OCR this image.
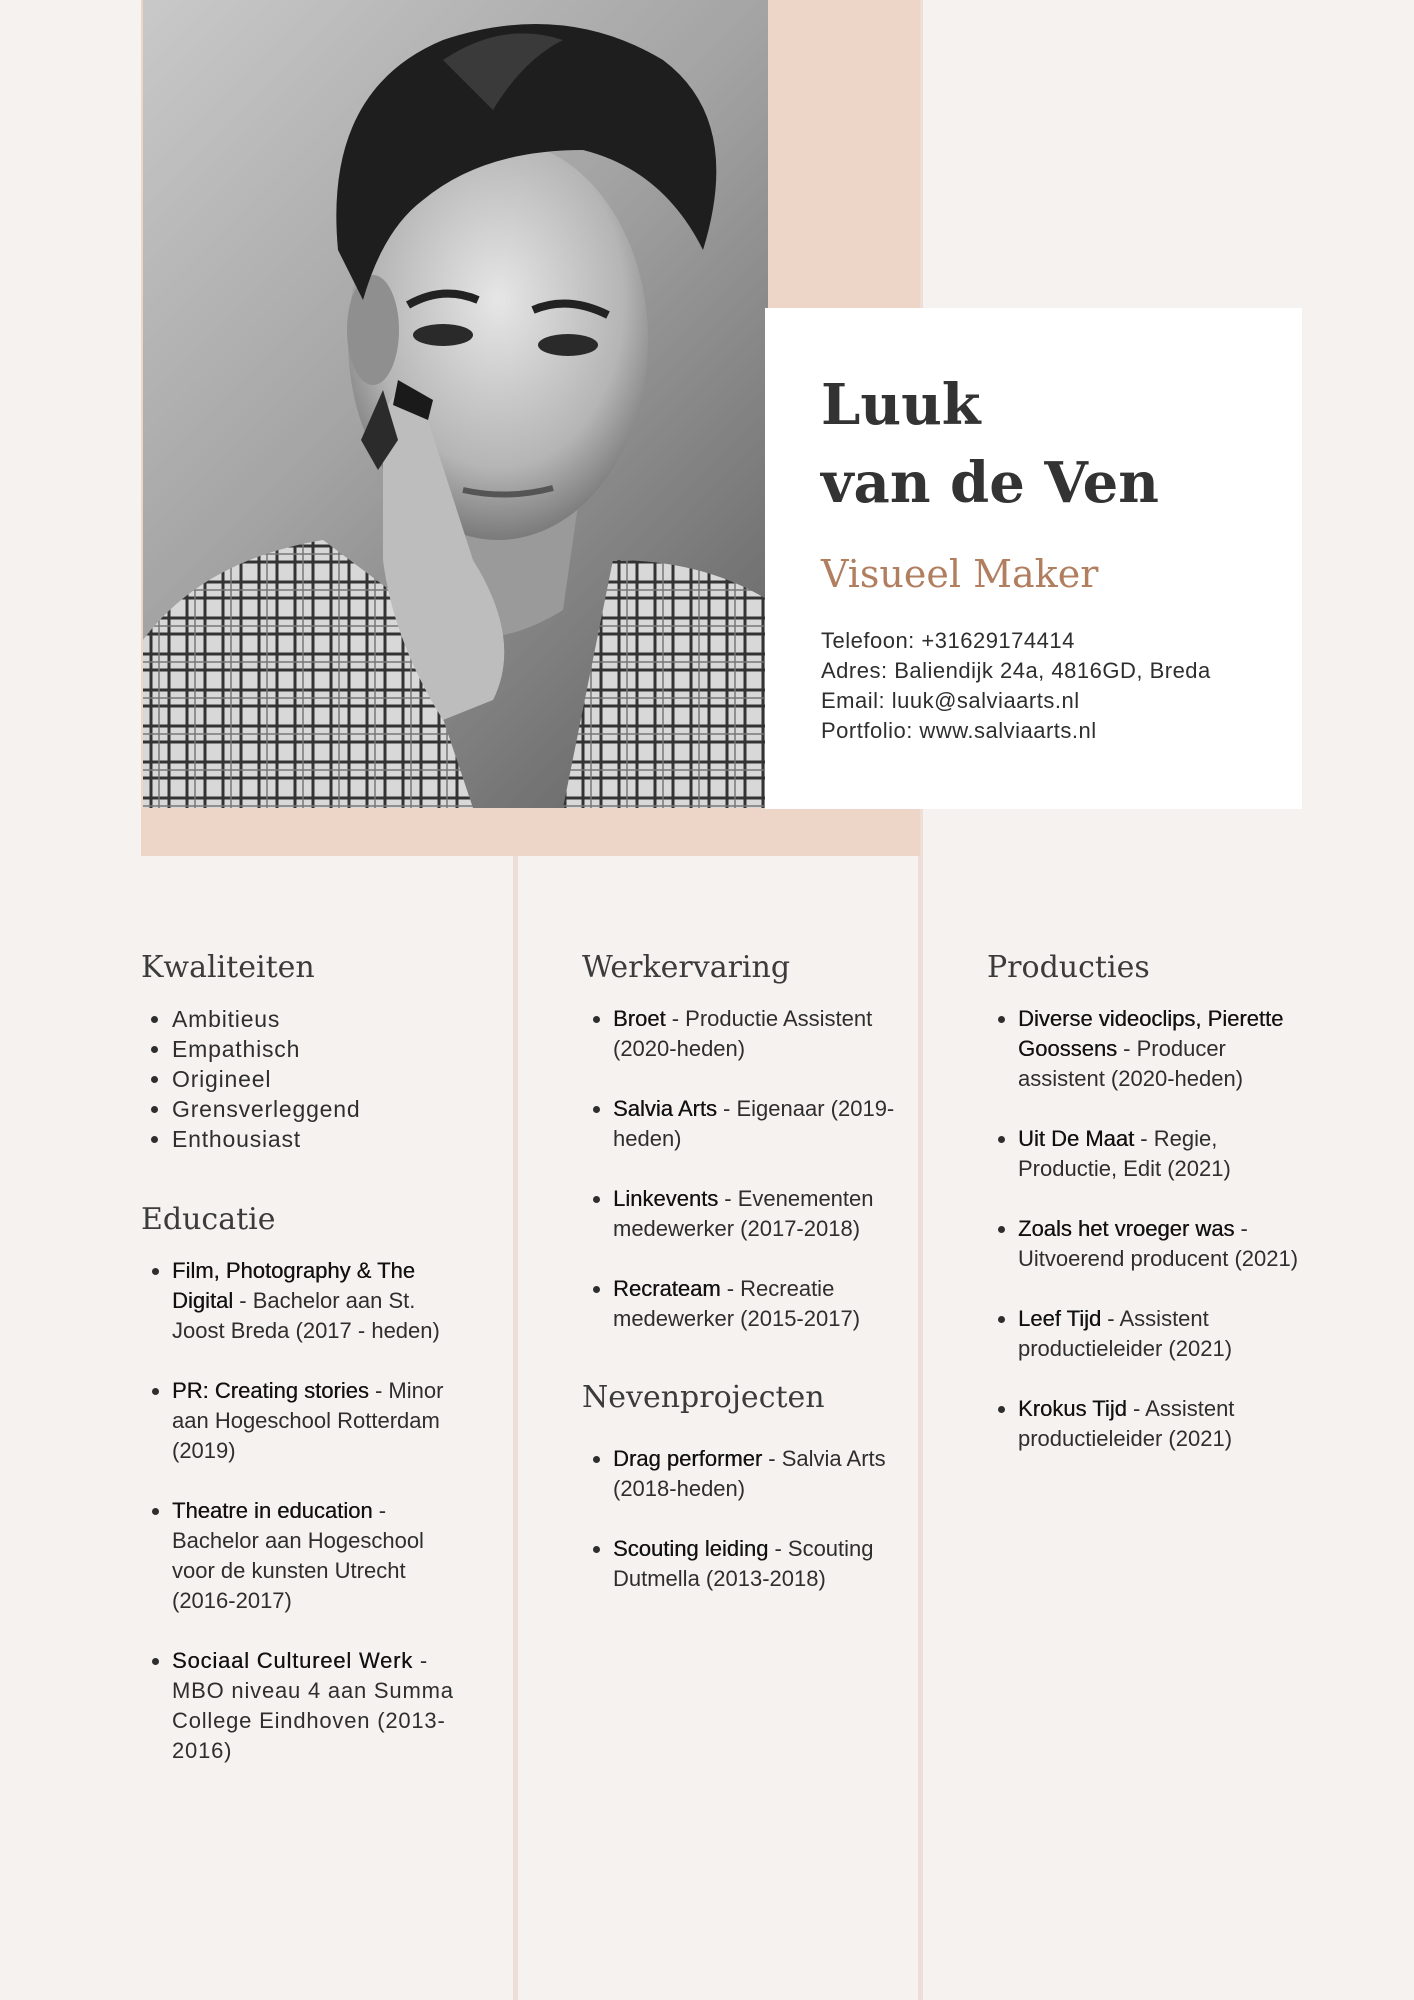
Luuk
van de Ven
Visueel Maker
Telefoon: +31629174414
Adres: Baliendijk 24a, 4816GD, Breda
Email: luuk@salviaarts.nl
Portfolio: www.salviaarts.nl
Kwaliteiten
• Ambitieus
• Empathisch
• Origineel
• Grensverleggend
• Enthousiast
Educatie
• Film, Photography & The Digital - Bachelor aan St. Joost Breda (2017 - heden)
• PR: Creating stories - Minor aan Hogeschool Rotterdam (2019)
• Theatre in education - Bachelor aan Hogeschool voor de kunsten Utrecht (2016-2017)
• Sociaal Cultureel Werk - MBO niveau 4 aan Summa College Eindhoven (2013-2016)
Werkervaring
• Broet - Productie Assistent (2020-heden)
• Salvia Arts - Eigenaar (2019-heden)
• Linkevents - Evenementen medewerker (2017-2018)
• Recrateam - Recreatie medewerker (2015-2017)
Nevenprojecten
• Drag performer - Salvia Arts (2018-heden)
• Scouting leiding - Scouting Dutmella (2013-2018)
Producties
• Diverse videoclips, Pierette Goossens - Producer assistent (2020-heden)
• Uit De Maat - Regie, Productie, Edit (2021)
• Zoals het vroeger was - Uitvoerend producent (2021)
• Leef Tijd - Assistent productieleider (2021)
• Krokus Tijd - Assistent productieleider (2021)
